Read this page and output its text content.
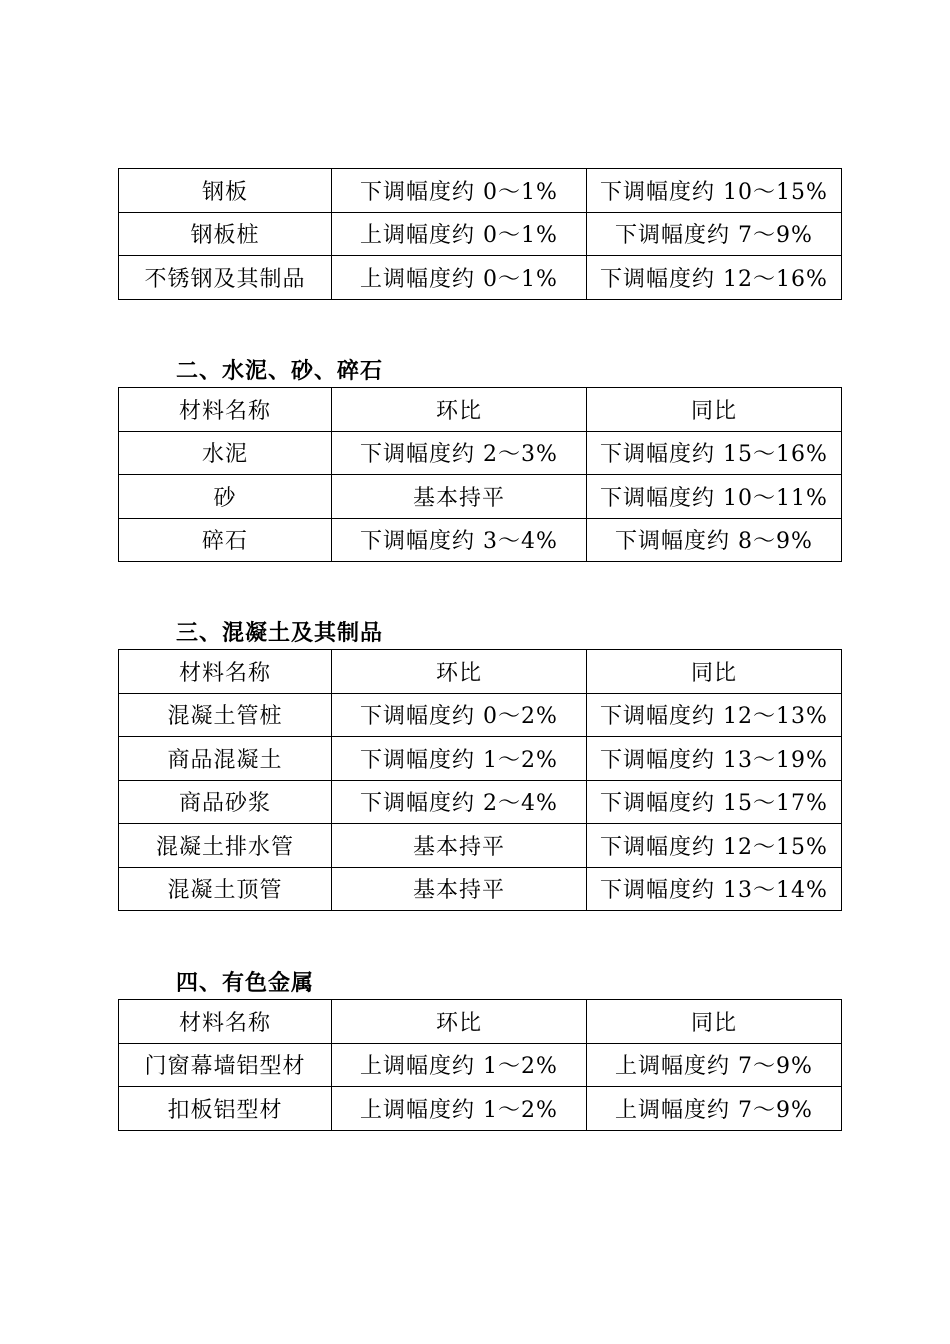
钢板	下调幅度约 0～1%	下调幅度约 10～15%
钢板桩	上调幅度约 0～1%	下调幅度约 7～9%
不锈钢及其制品	上调幅度约 0～1%	下调幅度约 12～16%
二、水泥、砂、碎石
材料名称	环比	同比
水泥	下调幅度约 2～3%	下调幅度约 15～16%
砂	基本持平	下调幅度约 10～11%
碎石	下调幅度约 3～4%	下调幅度约 8～9%
三、混凝土及其制品
材料名称	环比	同比
混凝土管桩	下调幅度约 0～2%	下调幅度约 12～13%
商品混凝土	下调幅度约 1～2%	下调幅度约 13～19%
商品砂浆	下调幅度约 2～4%	下调幅度约 15～17%
混凝土排水管	基本持平	下调幅度约 12～15%
混凝土顶管	基本持平	下调幅度约 13～14%
四、有色金属
材料名称	环比	同比
门窗幕墙铝型材	上调幅度约 1～2%	上调幅度约 7～9%
扣板铝型材	上调幅度约 1～2%	上调幅度约 7～9%
